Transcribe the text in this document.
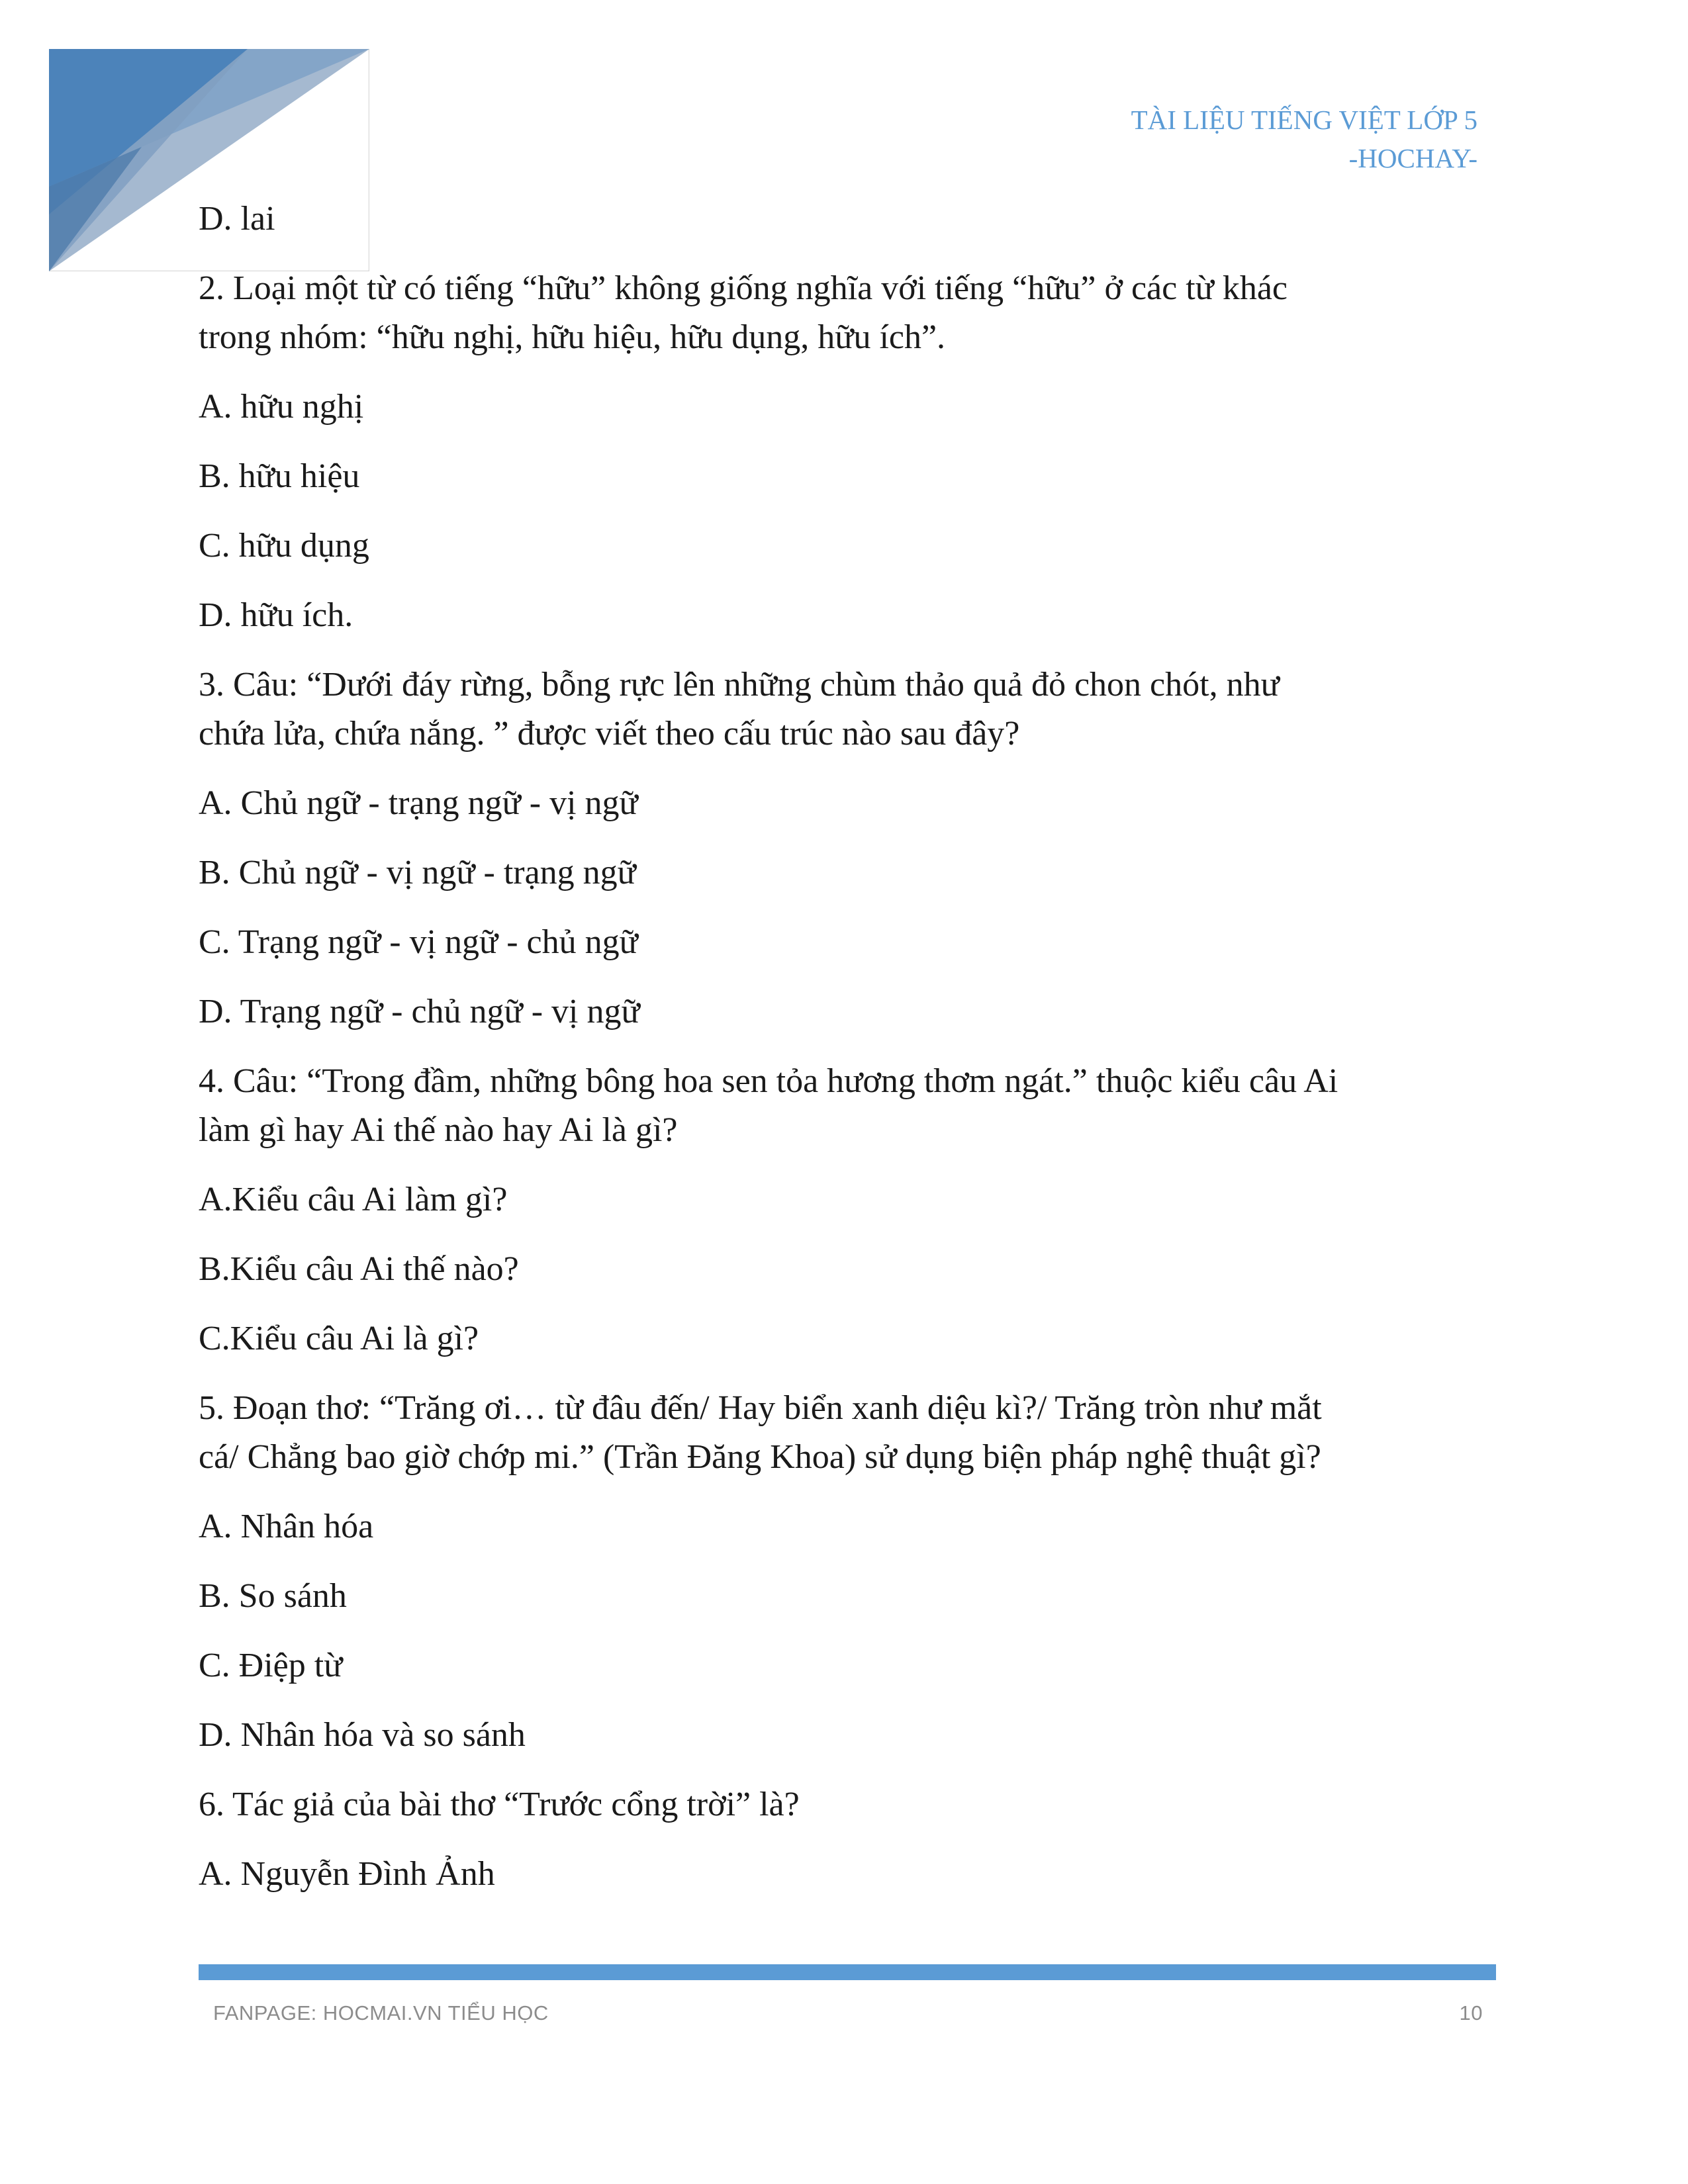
TÀI LIỆU TIẾNG VIỆT LỚP 5
-HOCHAY-
D. lai
2. Loại một từ có tiếng “hữu” không giống nghĩa với tiếng “hữu” ở các từ khác
trong nhóm: “hữu nghị, hữu hiệu, hữu dụng, hữu ích”.
A. hữu nghị
B. hữu hiệu
C. hữu dụng
D. hữu ích.
3. Câu: “Dưới đáy rừng, bỗng rực lên những chùm thảo quả đỏ chon chót, như
chứa lửa, chứa nắng. ” được viết theo cấu trúc nào sau đây?
A. Chủ ngữ - trạng ngữ - vị ngữ
B. Chủ ngữ - vị ngữ - trạng ngữ
C. Trạng ngữ - vị ngữ - chủ ngữ
D. Trạng ngữ - chủ ngữ - vị ngữ
4. Câu: “Trong đầm, những bông hoa sen tỏa hương thơm ngát.” thuộc kiểu câu Ai
làm gì hay Ai thế nào hay Ai là gì?
A.Kiểu câu Ai làm gì?
B.Kiểu câu Ai thế nào?
C.Kiểu câu Ai là gì?
5. Đoạn thơ: “Trăng ơi… từ đâu đến/ Hay biển xanh diệu kì?/ Trăng tròn như mắt
cá/ Chẳng bao giờ chớp mi.” (Trần Đăng Khoa) sử dụng biện pháp nghệ thuật gì?
A. Nhân hóa
B. So sánh
C. Điệp từ
D. Nhân hóa và so sánh
6. Tác giả của bài thơ “Trước cổng trời” là?
A. Nguyễn Đình Ảnh
FANPAGE: HOCMAI.VN TIỂU HỌC	10
